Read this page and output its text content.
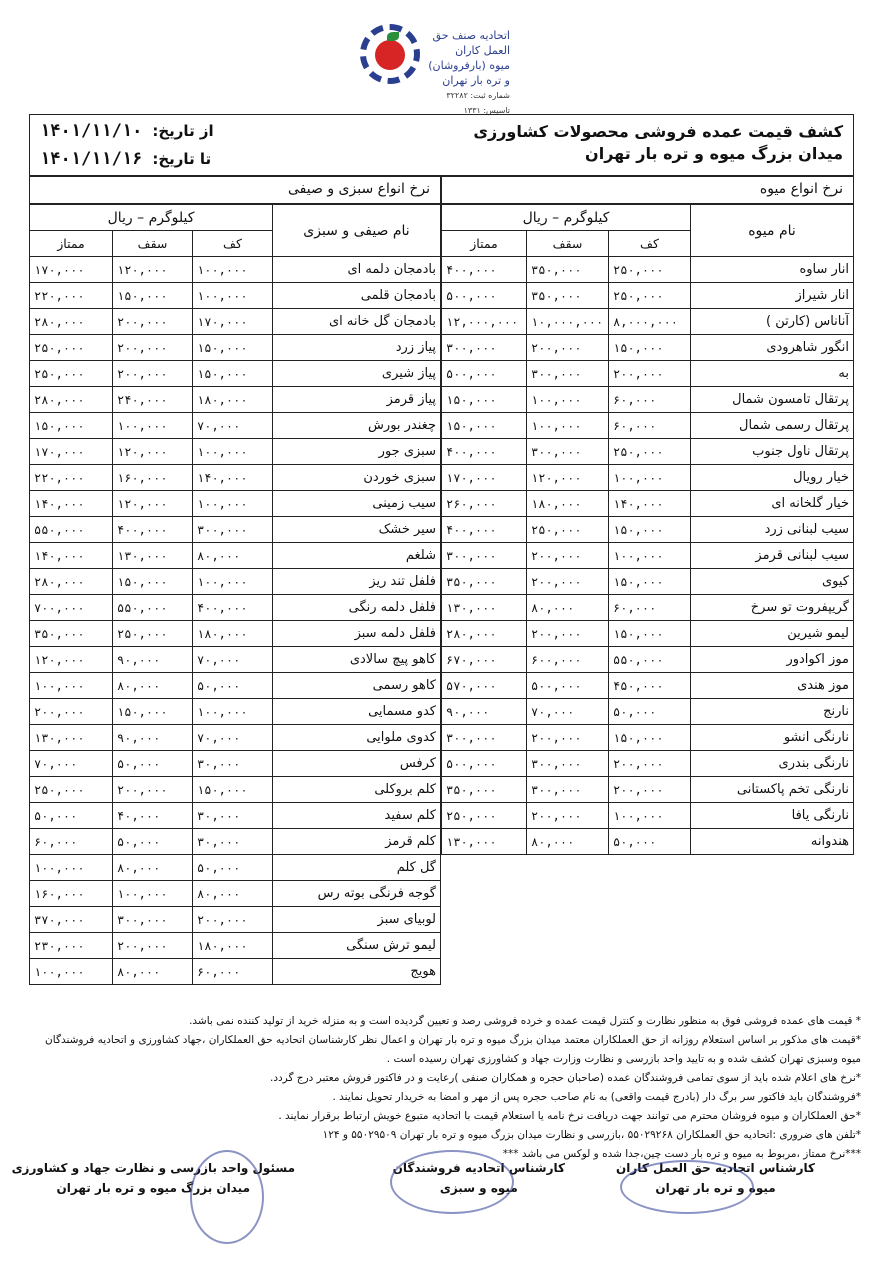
اتحادیه صنف حق العمل کاران
(بارفروشان) میوه و تره بار تهران
شماره ثبت: ۳۲۲۸۲ تاسیس: ۱۳۳۱
کشف قیمت عمده فروشی محصولات کشاورزی
میدان بزرگ میوه و تره بار تهران
از تاریخ:۱۴۰۱/۱۱/۱۰
تا تاریخ:۱۴۰۱/۱۱/۱۶
نرخ انواع سبزی و صیفی	نرخ انواع میوه
کیلوگرم – ریال			نام صیفی و سبزی
ممتاز	سقف	کف	
۱۷۰,۰۰۰	۱۲۰,۰۰۰	۱۰۰,۰۰۰	بادمجان دلمه ای
۲۲۰,۰۰۰	۱۵۰,۰۰۰	۱۰۰,۰۰۰	بادمجان قلمی
۲۸۰,۰۰۰	۲۰۰,۰۰۰	۱۷۰,۰۰۰	بادمجان گل خانه ای
۲۵۰,۰۰۰	۲۰۰,۰۰۰	۱۵۰,۰۰۰	پیاز زرد
۲۵۰,۰۰۰	۲۰۰,۰۰۰	۱۵۰,۰۰۰	پیاز شیری
۲۸۰,۰۰۰	۲۴۰,۰۰۰	۱۸۰,۰۰۰	پیاز قرمز
۱۵۰,۰۰۰	۱۰۰,۰۰۰	۷۰,۰۰۰	چغندر بورش
۱۷۰,۰۰۰	۱۲۰,۰۰۰	۱۰۰,۰۰۰	سبزی جور
۲۲۰,۰۰۰	۱۶۰,۰۰۰	۱۴۰,۰۰۰	سبزی خوردن
۱۴۰,۰۰۰	۱۲۰,۰۰۰	۱۰۰,۰۰۰	سیب زمینی
۵۵۰,۰۰۰	۴۰۰,۰۰۰	۳۰۰,۰۰۰	سیر خشک
۱۴۰,۰۰۰	۱۳۰,۰۰۰	۸۰,۰۰۰	شلغم
۲۸۰,۰۰۰	۱۵۰,۰۰۰	۱۰۰,۰۰۰	فلفل تند ریز
۷۰۰,۰۰۰	۵۵۰,۰۰۰	۴۰۰,۰۰۰	فلفل دلمه رنگی
۳۵۰,۰۰۰	۲۵۰,۰۰۰	۱۸۰,۰۰۰	فلفل دلمه سبز
۱۲۰,۰۰۰	۹۰,۰۰۰	۷۰,۰۰۰	کاهو پیچ سالادی
۱۰۰,۰۰۰	۸۰,۰۰۰	۵۰,۰۰۰	کاهو رسمی
۲۰۰,۰۰۰	۱۵۰,۰۰۰	۱۰۰,۰۰۰	کدو مسمایی
۱۳۰,۰۰۰	۹۰,۰۰۰	۷۰,۰۰۰	کدوی ملوایی
۷۰,۰۰۰	۵۰,۰۰۰	۳۰,۰۰۰	کرفس
۲۵۰,۰۰۰	۲۰۰,۰۰۰	۱۵۰,۰۰۰	کلم بروکلی
۵۰,۰۰۰	۴۰,۰۰۰	۳۰,۰۰۰	کلم سفید
۶۰,۰۰۰	۵۰,۰۰۰	۳۰,۰۰۰	کلم قرمز
۱۰۰,۰۰۰	۸۰,۰۰۰	۵۰,۰۰۰	گل کلم
۱۶۰,۰۰۰	۱۰۰,۰۰۰	۸۰,۰۰۰	گوجه فرنگی بوته رس
۳۷۰,۰۰۰	۳۰۰,۰۰۰	۲۰۰,۰۰۰	لوبیای سبز
۲۳۰,۰۰۰	۲۰۰,۰۰۰	۱۸۰,۰۰۰	لیمو ترش سنگی
۱۰۰,۰۰۰	۸۰,۰۰۰	۶۰,۰۰۰	هویج
کیلوگرم – ریال			نام میوه
ممتاز	سقف	کف	
۴۰۰,۰۰۰	۳۵۰,۰۰۰	۲۵۰,۰۰۰	انار ساوه
۵۰۰,۰۰۰	۳۵۰,۰۰۰	۲۵۰,۰۰۰	انار شیراز
۱۲,۰۰۰,۰۰۰	۱۰,۰۰۰,۰۰۰	۸,۰۰۰,۰۰۰	آناناس (کارتن )
۳۰۰,۰۰۰	۲۰۰,۰۰۰	۱۵۰,۰۰۰	انگور شاهرودی
۵۰۰,۰۰۰	۳۰۰,۰۰۰	۲۰۰,۰۰۰	به
۱۵۰,۰۰۰	۱۰۰,۰۰۰	۶۰,۰۰۰	پرتقال تامسون شمال
۱۵۰,۰۰۰	۱۰۰,۰۰۰	۶۰,۰۰۰	پرتقال رسمی شمال
۴۰۰,۰۰۰	۳۰۰,۰۰۰	۲۵۰,۰۰۰	پرتقال ناول جنوب
۱۷۰,۰۰۰	۱۲۰,۰۰۰	۱۰۰,۰۰۰	خیار رویال
۲۶۰,۰۰۰	۱۸۰,۰۰۰	۱۴۰,۰۰۰	خیار گلخانه ای
۴۰۰,۰۰۰	۲۵۰,۰۰۰	۱۵۰,۰۰۰	سیب لبنانی زرد
۳۰۰,۰۰۰	۲۰۰,۰۰۰	۱۰۰,۰۰۰	سیب لبنانی قرمز
۳۵۰,۰۰۰	۲۰۰,۰۰۰	۱۵۰,۰۰۰	کیوی
۱۳۰,۰۰۰	۸۰,۰۰۰	۶۰,۰۰۰	گریپفروت تو سرخ
۲۸۰,۰۰۰	۲۰۰,۰۰۰	۱۵۰,۰۰۰	لیمو شیرین
۶۷۰,۰۰۰	۶۰۰,۰۰۰	۵۵۰,۰۰۰	موز اکوادور
۵۷۰,۰۰۰	۵۰۰,۰۰۰	۴۵۰,۰۰۰	موز هندی
۹۰,۰۰۰	۷۰,۰۰۰	۵۰,۰۰۰	نارنج
۳۰۰,۰۰۰	۲۰۰,۰۰۰	۱۵۰,۰۰۰	نارنگی انشو
۵۰۰,۰۰۰	۳۰۰,۰۰۰	۲۰۰,۰۰۰	نارنگی بندری
۳۵۰,۰۰۰	۳۰۰,۰۰۰	۲۰۰,۰۰۰	نارنگی تخم پاکستانی
۲۵۰,۰۰۰	۲۰۰,۰۰۰	۱۰۰,۰۰۰	نارنگی یافا
۱۳۰,۰۰۰	۸۰,۰۰۰	۵۰,۰۰۰	هندوانه

* قیمت های عمده فروشی فوق به منظور نظارت و کنترل قیمت عمده و خرده فروشی رصد و تعیین گردیده است و به منزله خرید از تولید کننده نمی باشد.

*قیمت های مذکور بر اساس استعلام روزانه از حق العملکاران معتمد میدان بزرگ میوه و تره بار تهران و اعمال نظر کارشناسان اتحادیه حق العملکاران ،جهاد کشاورزی و اتحادیه فروشندگان میوه وسبزی تهران کشف شده و به تایید واحد بازرسی و نظارت وزارت جهاد و کشاورزی تهران رسیده است .

*نرخ های اعلام شده باید از سوی تمامی فروشندگان عمده (صاحبان حجره و همکاران صنفی )رعایت و در فاکتور فروش معتبر درج گردد.

*فروشندگان باید فاکتور سر برگ دار (بادرج قیمت واقعی) به نام صاحب حجره پس از مهر و امضا به خریدار تحویل نمایند .

*حق العملکاران و میوه فروشان محترم می توانند جهت دریافت نرخ نامه یا استعلام قیمت با اتحادیه متبوع خویش ارتباط برقرار نمایند .

*تلفن های ضروری :اتحادیه حق العملکاران ۵۵۰۲۹۲۶۸ ،بازرسی و نظارت میدان بزرگ میوه و تره بار تهران ۵۵۰۲۹۵۰۹ و ۱۲۴

***نرخ ممتاز ،مربوط به میوه و تره بار دست چین،جدا شده و لوکس می باشد ***

کارشناس اتحادیه حق العمل کاران
میوه و تره بار تهران
کارشناس اتحادیه فروشندگان
میوه و سبزی
مسئول واحد بازرسی و نظارت جهاد و کشاورزی
میدان بزرگ میوه و تره بار تهران
